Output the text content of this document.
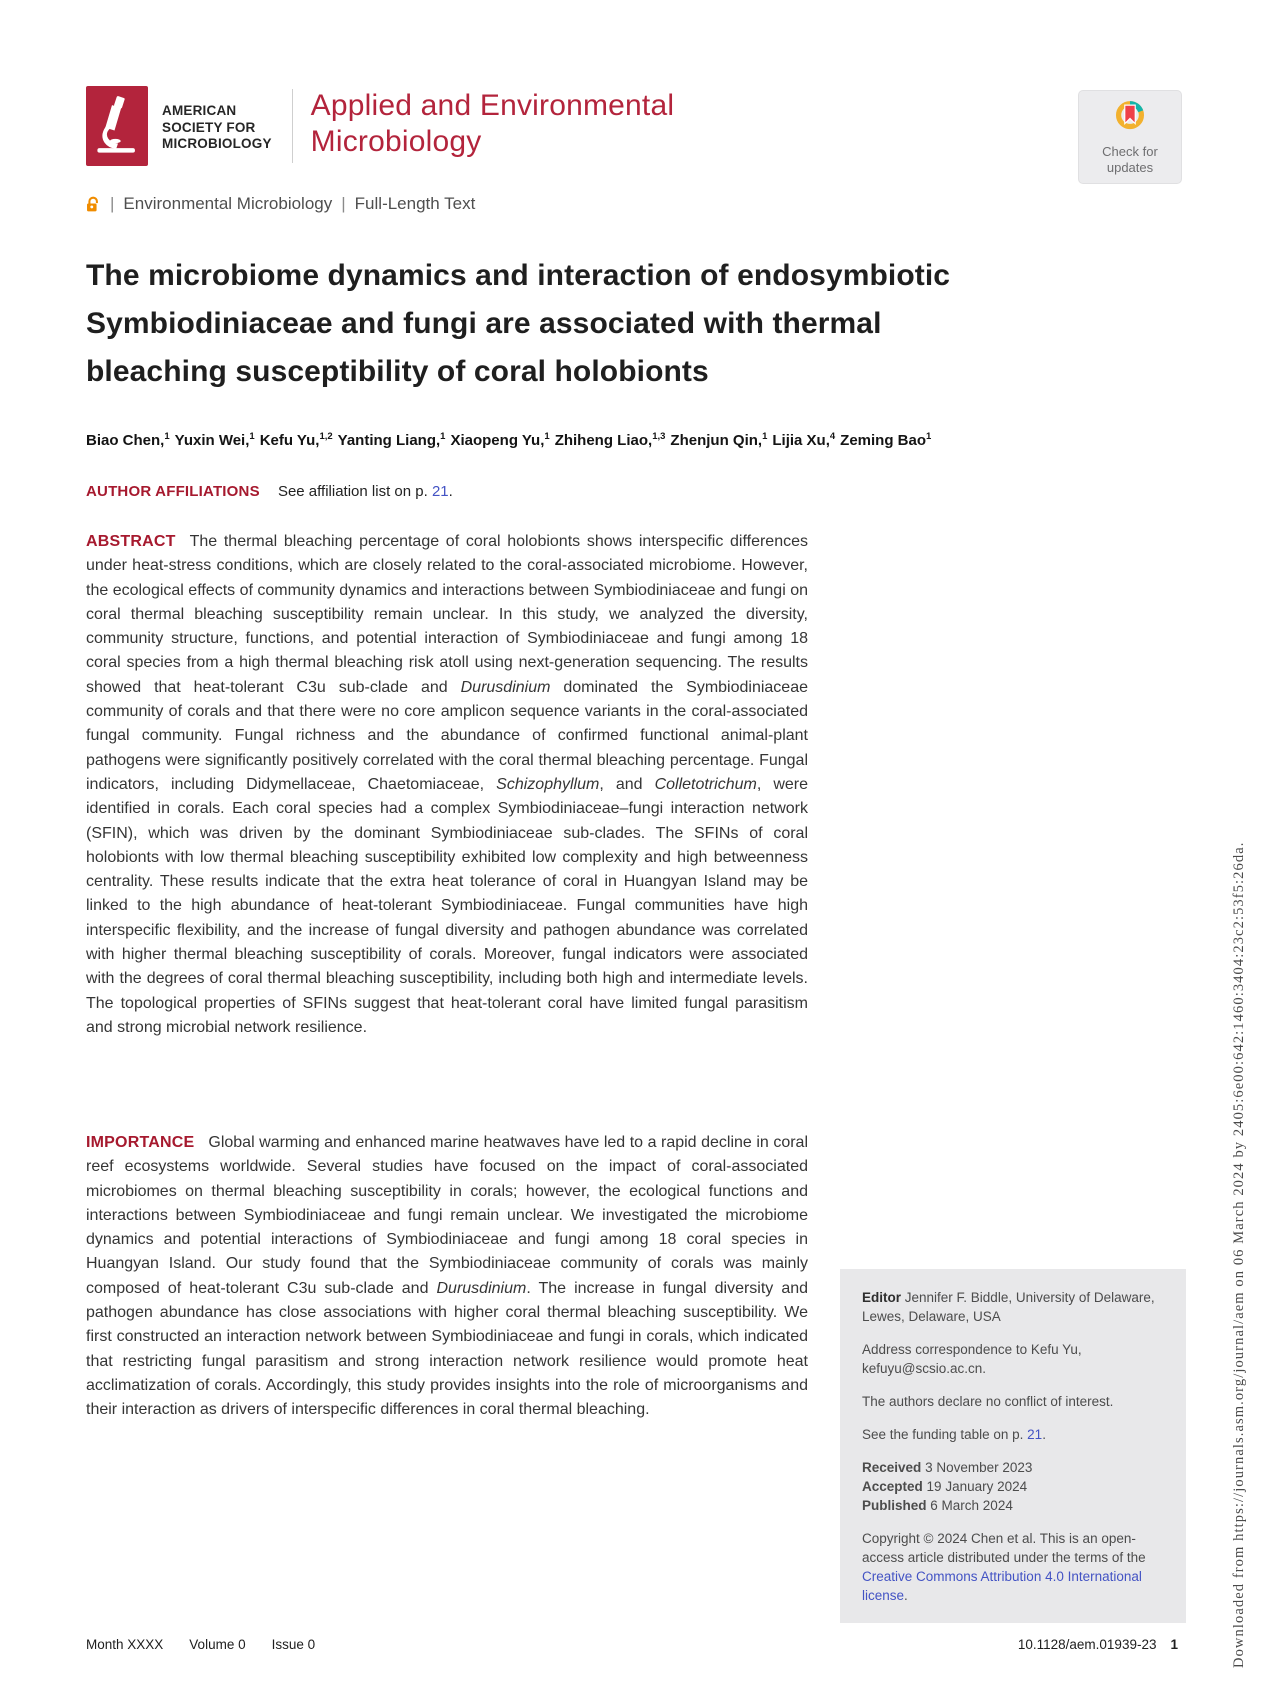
AMERICAN
SOCIETY FOR
MICROBIOLOGY
Applied and Environmental
Microbiology	Check for
updates
| Environmental Microbiology | Full-Length Text
The microbiome dynamics and interaction of endosymbiotic
Symbiodiniaceae and fungi are associated with thermal
bleaching susceptibility of coral holobionts
Biao Chen,$^1$ Yuxin Wei,$^1$ Kefu Yu,$^{1,2}$ Yanting Liang,$^1$ Xiaopeng Yu,$^1$ Zhiheng Liao,$^{1,3}$ Zhenjun Qin,$^1$ Lijia Xu,$^4$ Zeming Bao$^1$
AUTHOR AFFILIATIONS See affiliation list on p. 21.

ABSTRACT The thermal bleaching percentage of coral holobionts shows interspecific differences under heat-stress conditions, which are closely related to the coral-associated microbiome. However, the ecological effects of community dynamics and interactions between Symbiodiniaceae and fungi on coral thermal bleaching susceptibility remain unclear. In this study, we analyzed the diversity, community structure, functions, and potential interaction of Symbiodiniaceae and fungi among 18 coral species from a high thermal bleaching risk atoll using next-generation sequencing. The results showed that heat-tolerant C3u sub-clade and Durusdinium dominated the Symbiodiniaceae community of corals and that there were no core amplicon sequence variants in the coral-associated fungal community. Fungal richness and the abundance of confirmed functional animal-plant pathogens were significantly positively correlated with the coral thermal bleaching percentage. Fungal indicators, including Didymellaceae, Chaetomiaceae, Schizophyllum, and Colletotrichum, were identified in corals. Each coral species had a complex Symbiodiniaceae–fungi interaction network (SFIN), which was driven by the dominant Symbiodiniaceae sub-clades. The SFINs of coral holobionts with low thermal bleaching susceptibility exhibited low complexity and high betweenness centrality. These results indicate that the extra heat tolerance of coral in Huangyan Island may be linked to the high abundance of heat-tolerant Symbiodiniaceae. Fungal communities have high interspecific flexibility, and the increase of fungal diversity and pathogen abundance was correlated with higher thermal bleaching susceptibility of corals. Moreover, fungal indicators were associated with the degrees of coral thermal bleaching susceptibility, including both high and intermediate levels. The topological properties of SFINs suggest that heat-tolerant coral have limited fungal parasitism and strong microbial network resilience.

IMPORTANCE Global warming and enhanced marine heatwaves have led to a rapid decline in coral reef ecosystems worldwide. Several studies have focused on the impact of coral-associated microbiomes on thermal bleaching susceptibility in corals; however, the ecological functions and interactions between Symbiodiniaceae and fungi remain unclear. We investigated the microbiome dynamics and potential interactions of Symbiodiniaceae and fungi among 18 coral species in Huangyan Island. Our study found that the Symbiodiniaceae community of corals was mainly composed of heat-tolerant C3u sub-clade and Durusdinium. The increase in fungal diversity and pathogen abundance has close associations with higher coral thermal bleaching susceptibility. We first constructed an interaction network between Symbiodiniaceae and fungi in corals, which indicated that restricting fungal parasitism and strong interaction network resilience would promote heat acclimatization of corals. Accordingly, this study provides insights into the role of microorganisms and their interaction as drivers of interspecific differences in coral thermal bleaching.

Editor Jennifer F. Biddle, University of Delaware, Lewes, Delaware, USA
Address correspondence to Kefu Yu, kefuyu@scsio.ac.cn.
The authors declare no conflict of interest.
See the funding table on p. 21.
Received 3 November 2023
Accepted 19 January 2024
Published 6 March 2024
Copyright © 2024 Chen et al. This is an open-access article distributed under the terms of the Creative Commons Attribution 4.0 International license.
Month XXXX Volume 0 Issue 0	10.1128/aem.01939-23 1	Downloaded from https://journals.asm.org/journal/aem on 06 March 2024 by 2405:6e00:642:1460:3404:23c2:53f5:26da.
